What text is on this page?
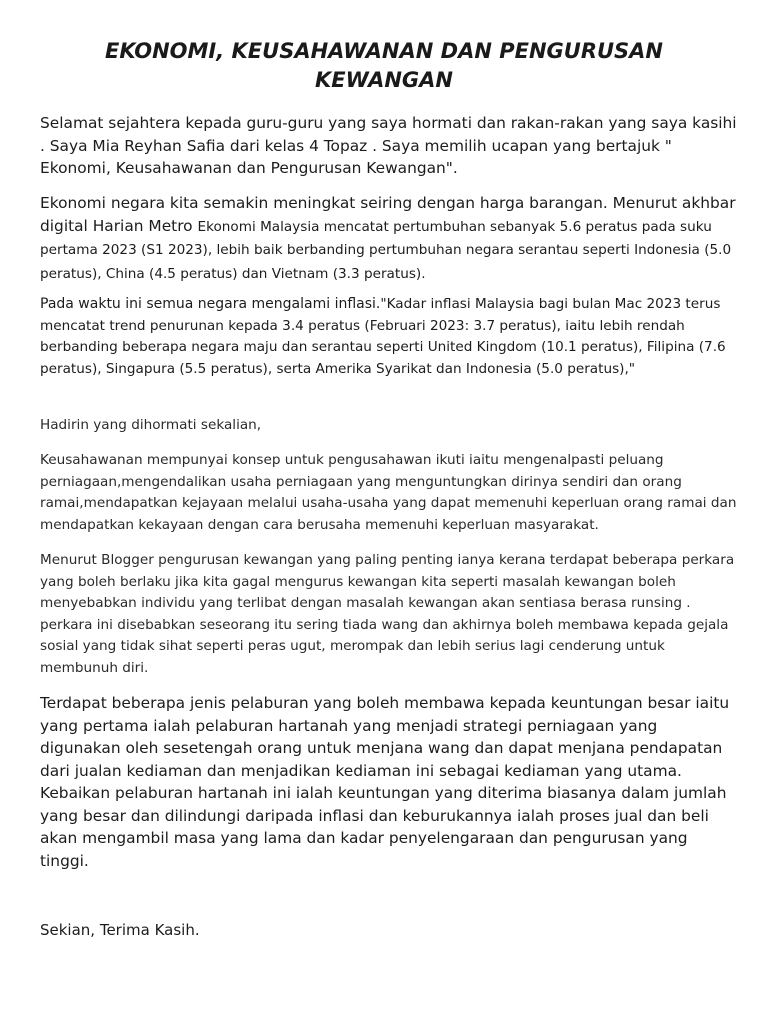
EKONOMI, KEUSAHAWANAN DAN PENGURUSAN KEWANGAN

Selamat sejahtera kepada guru-guru yang saya hormati dan rakan-rakan yang saya kasihi . Saya Mia Reyhan Safia dari kelas 4 Topaz . Saya memilih ucapan yang bertajuk " Ekonomi, Keusahawanan dan Pengurusan Kewangan".

Ekonomi negara kita semakin meningkat seiring dengan harga barangan. Menurut akhbar digital Harian Metro Ekonomi Malaysia mencatat pertumbuhan sebanyak 5.6 peratus pada suku pertama 2023 (S1 2023), lebih baik berbanding pertumbuhan negara serantau seperti Indonesia (5.0 peratus), China (4.5 peratus) dan Vietnam (3.3 peratus).

Pada waktu ini semua negara mengalami inflasi."Kadar inflasi Malaysia bagi bulan Mac 2023 terus mencatat trend penurunan kepada 3.4 peratus (Februari 2023: 3.7 peratus), iaitu lebih rendah berbanding beberapa negara maju dan serantau seperti United Kingdom (10.1 peratus), Filipina (7.6 peratus), Singapura (5.5 peratus), serta Amerika Syarikat dan Indonesia (5.0 peratus),"

Hadirin yang dihormati sekalian,

Keusahawanan mempunyai konsep untuk pengusahawan ikuti iaitu mengenalpasti peluang perniagaan,mengendalikan usaha perniagaan yang menguntungkan dirinya sendiri dan orang ramai,mendapatkan kejayaan melalui usaha-usaha yang dapat memenuhi keperluan orang ramai dan mendapatkan kekayaan dengan cara berusaha memenuhi keperluan masyarakat.

Menurut Blogger pengurusan kewangan yang paling penting ianya kerana terdapat beberapa perkara yang boleh berlaku jika kita gagal mengurus kewangan kita seperti masalah kewangan boleh menyebabkan individu yang terlibat dengan masalah kewangan akan sentiasa berasa runsing . perkara ini disebabkan seseorang itu sering tiada wang dan akhirnya boleh membawa kepada gejala sosial yang tidak sihat seperti peras ugut, merompak dan lebih serius lagi cenderung untuk membunuh diri.

Terdapat beberapa jenis pelaburan yang boleh membawa kepada keuntungan besar iaitu yang pertama ialah pelaburan hartanah yang menjadi strategi perniagaan yang digunakan oleh sesetengah orang untuk menjana wang dan dapat menjana pendapatan dari jualan kediaman dan menjadikan kediaman ini sebagai kediaman yang utama. Kebaikan pelaburan hartanah ini ialah keuntungan yang diterima biasanya dalam jumlah yang besar dan dilindungi daripada inflasi dan keburukannya ialah proses jual dan beli akan mengambil masa yang lama dan kadar penyelengaraan dan pengurusan yang tinggi.

Sekian, Terima Kasih.
